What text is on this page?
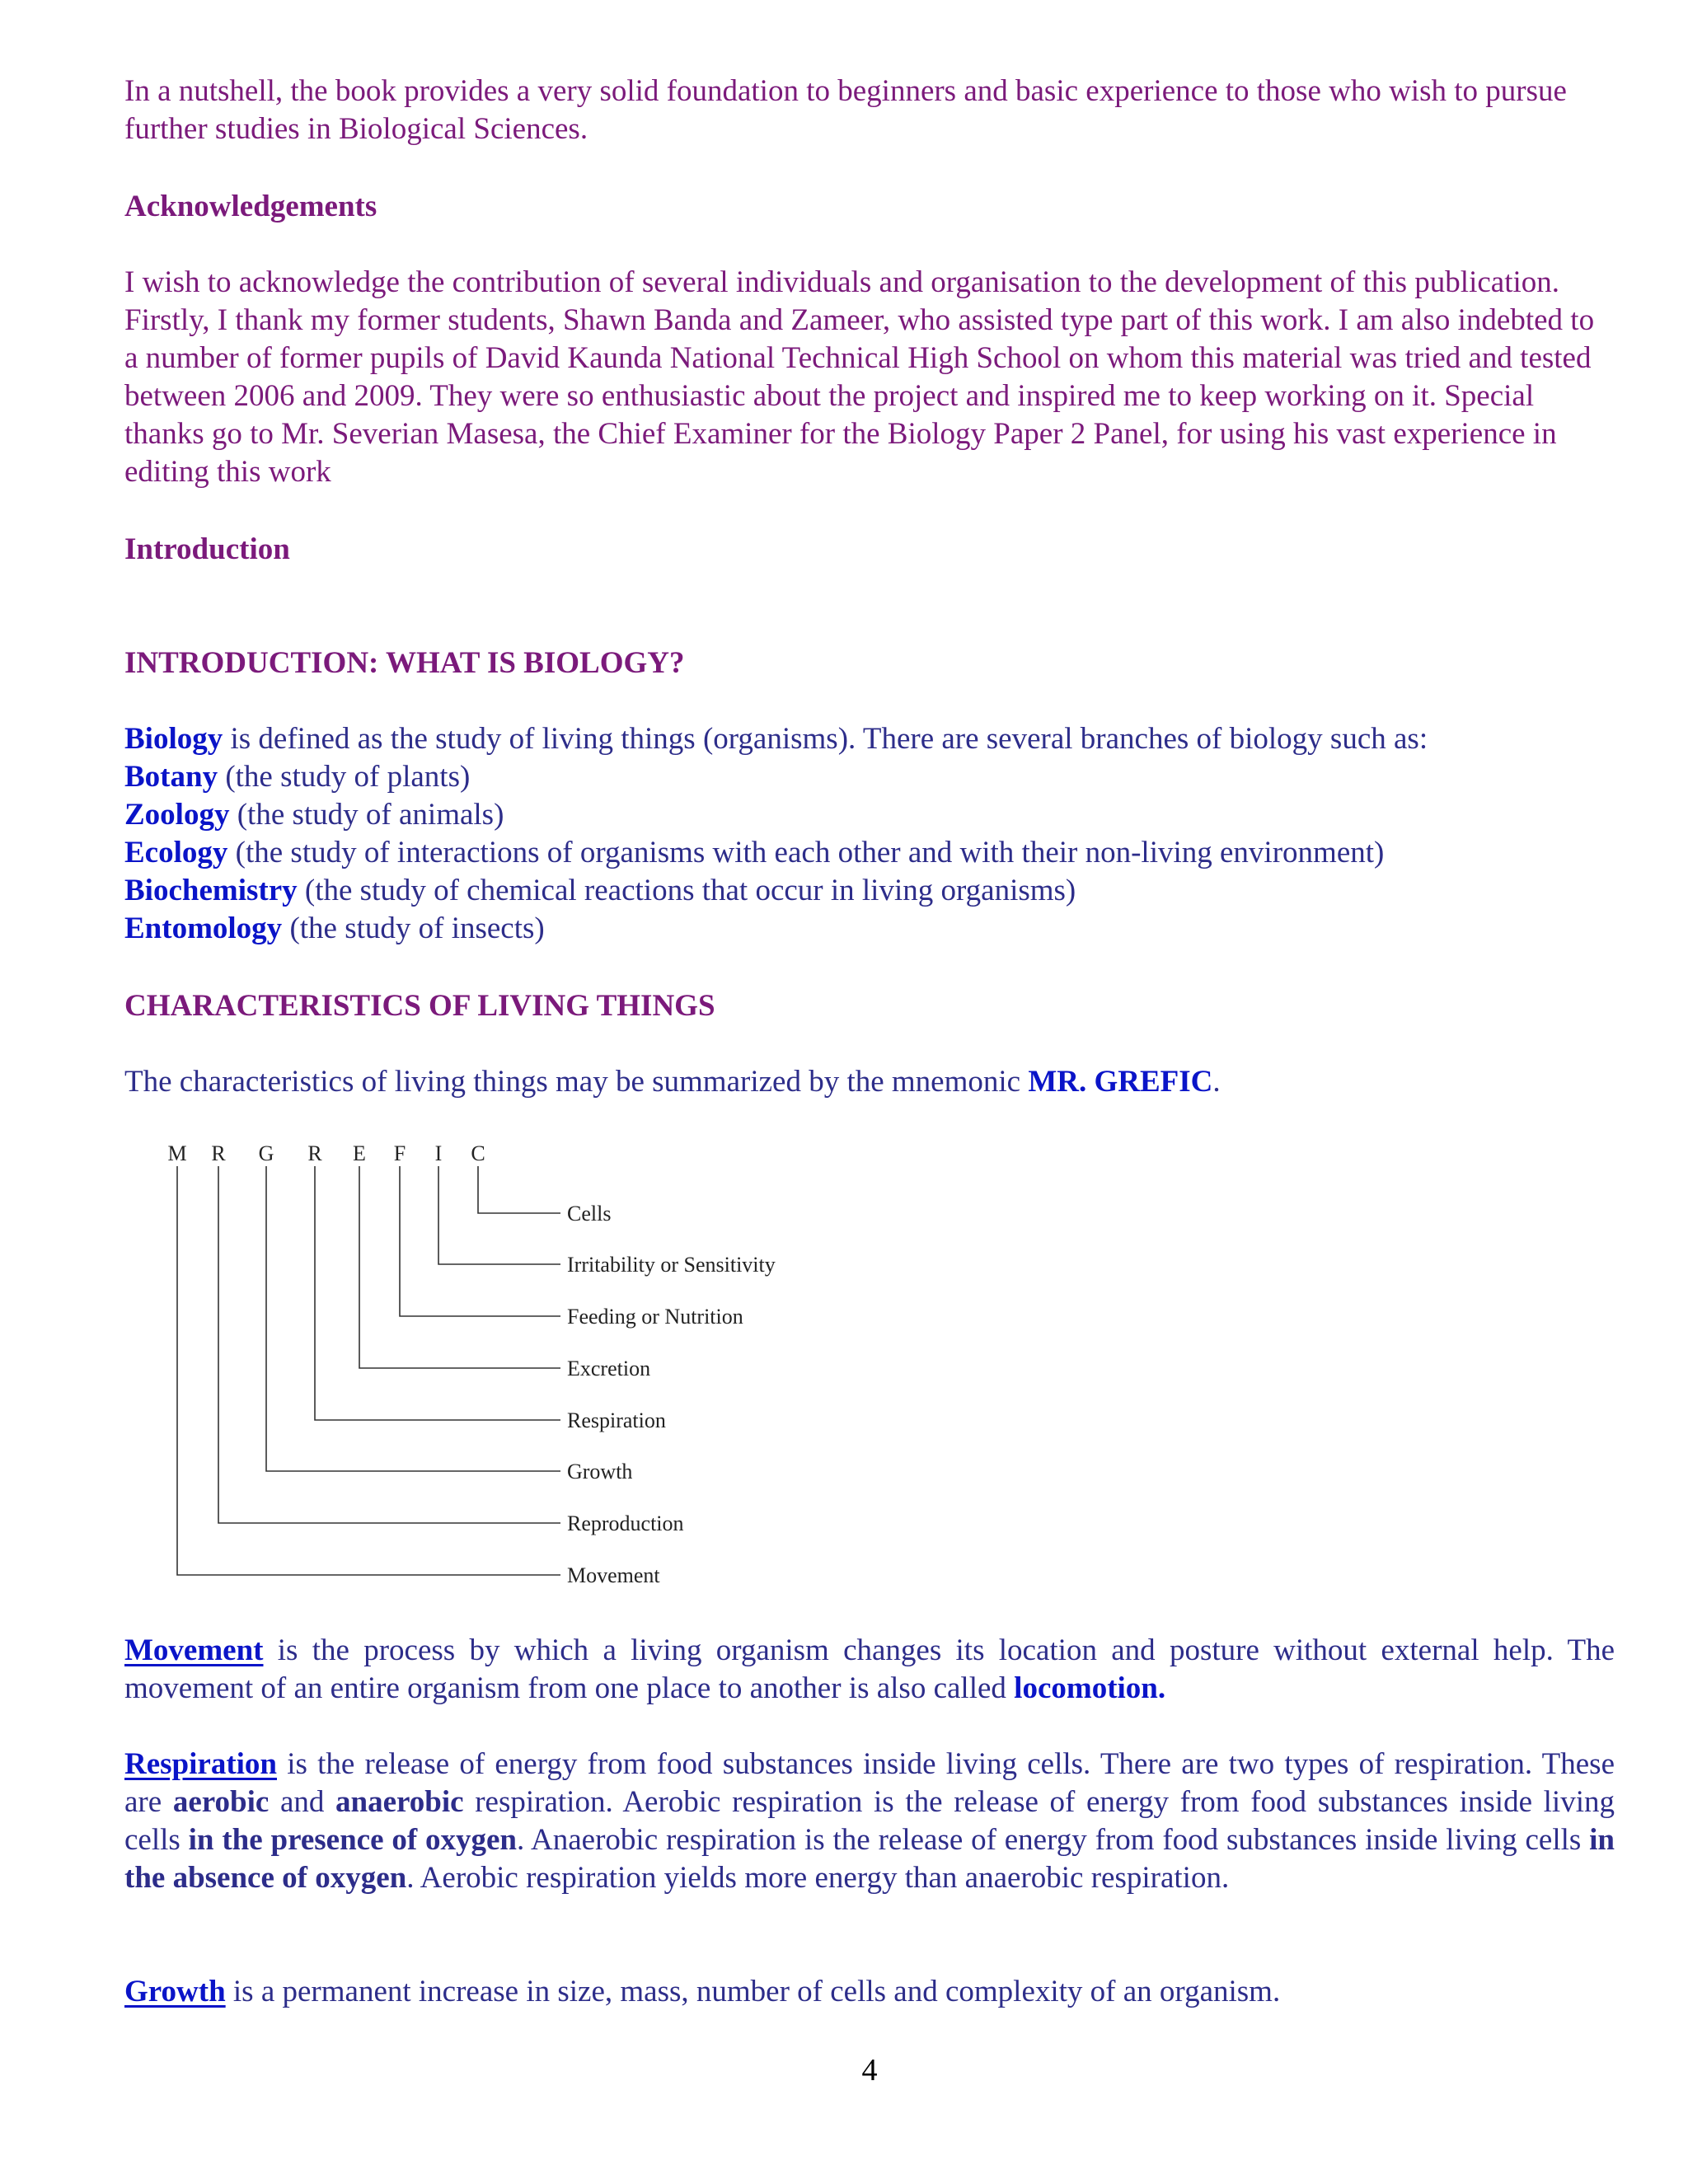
In a nutshell, the book provides a very solid foundation to beginners and basic experience to those who wish to pursue further studies in Biological Sciences.

Acknowledgements

I wish to acknowledge the contribution of several individuals and organisation to the development of this publication. Firstly, I thank my former students, Shawn Banda and Zameer, who assisted type part of this work. I am also indebted to a number of former pupils of David Kaunda National Technical High School on whom this material was tried and tested between 2006 and 2009. They were so enthusiastic about the project and inspired me to keep working on it. Special thanks go to Mr. Severian Masesa, the Chief Examiner for the Biology Paper 2 Panel, for using his vast experience in editing this work

Introduction

INTRODUCTION: WHAT IS BIOLOGY?

Biology is defined as the study of living things (organisms). There are several branches of biology such as:
Botany (the study of plants)
Zoology (the study of animals)
Ecology (the study of interactions of organisms with each other and with their non-living environment)
Biochemistry (the study of chemical reactions that occur in living organisms)
Entomology (the study of insects)

CHARACTERISTICS OF LIVING THINGS

The characteristics of living things may be summarized by the mnemonic MR. GREFIC.

M R G R E F I C
Cells
Irritability or Sensitivity
Feeding or Nutrition
Excretion
Respiration
Growth
Reproduction
Movement

Movement is the process by which a living organism changes its location and posture without external help. The movement of an entire organism from one place to another is also called locomotion.

Respiration is the release of energy from food substances inside living cells. There are two types of respiration. These are aerobic and anaerobic respiration. Aerobic respiration is the release of energy from food substances inside living cells in the presence of oxygen. Anaerobic respiration is the release of energy from food substances inside living cells in the absence of oxygen. Aerobic respiration yields more energy than anaerobic respiration.

Growth is a permanent increase in size, mass, number of cells and complexity of an organism.

4
